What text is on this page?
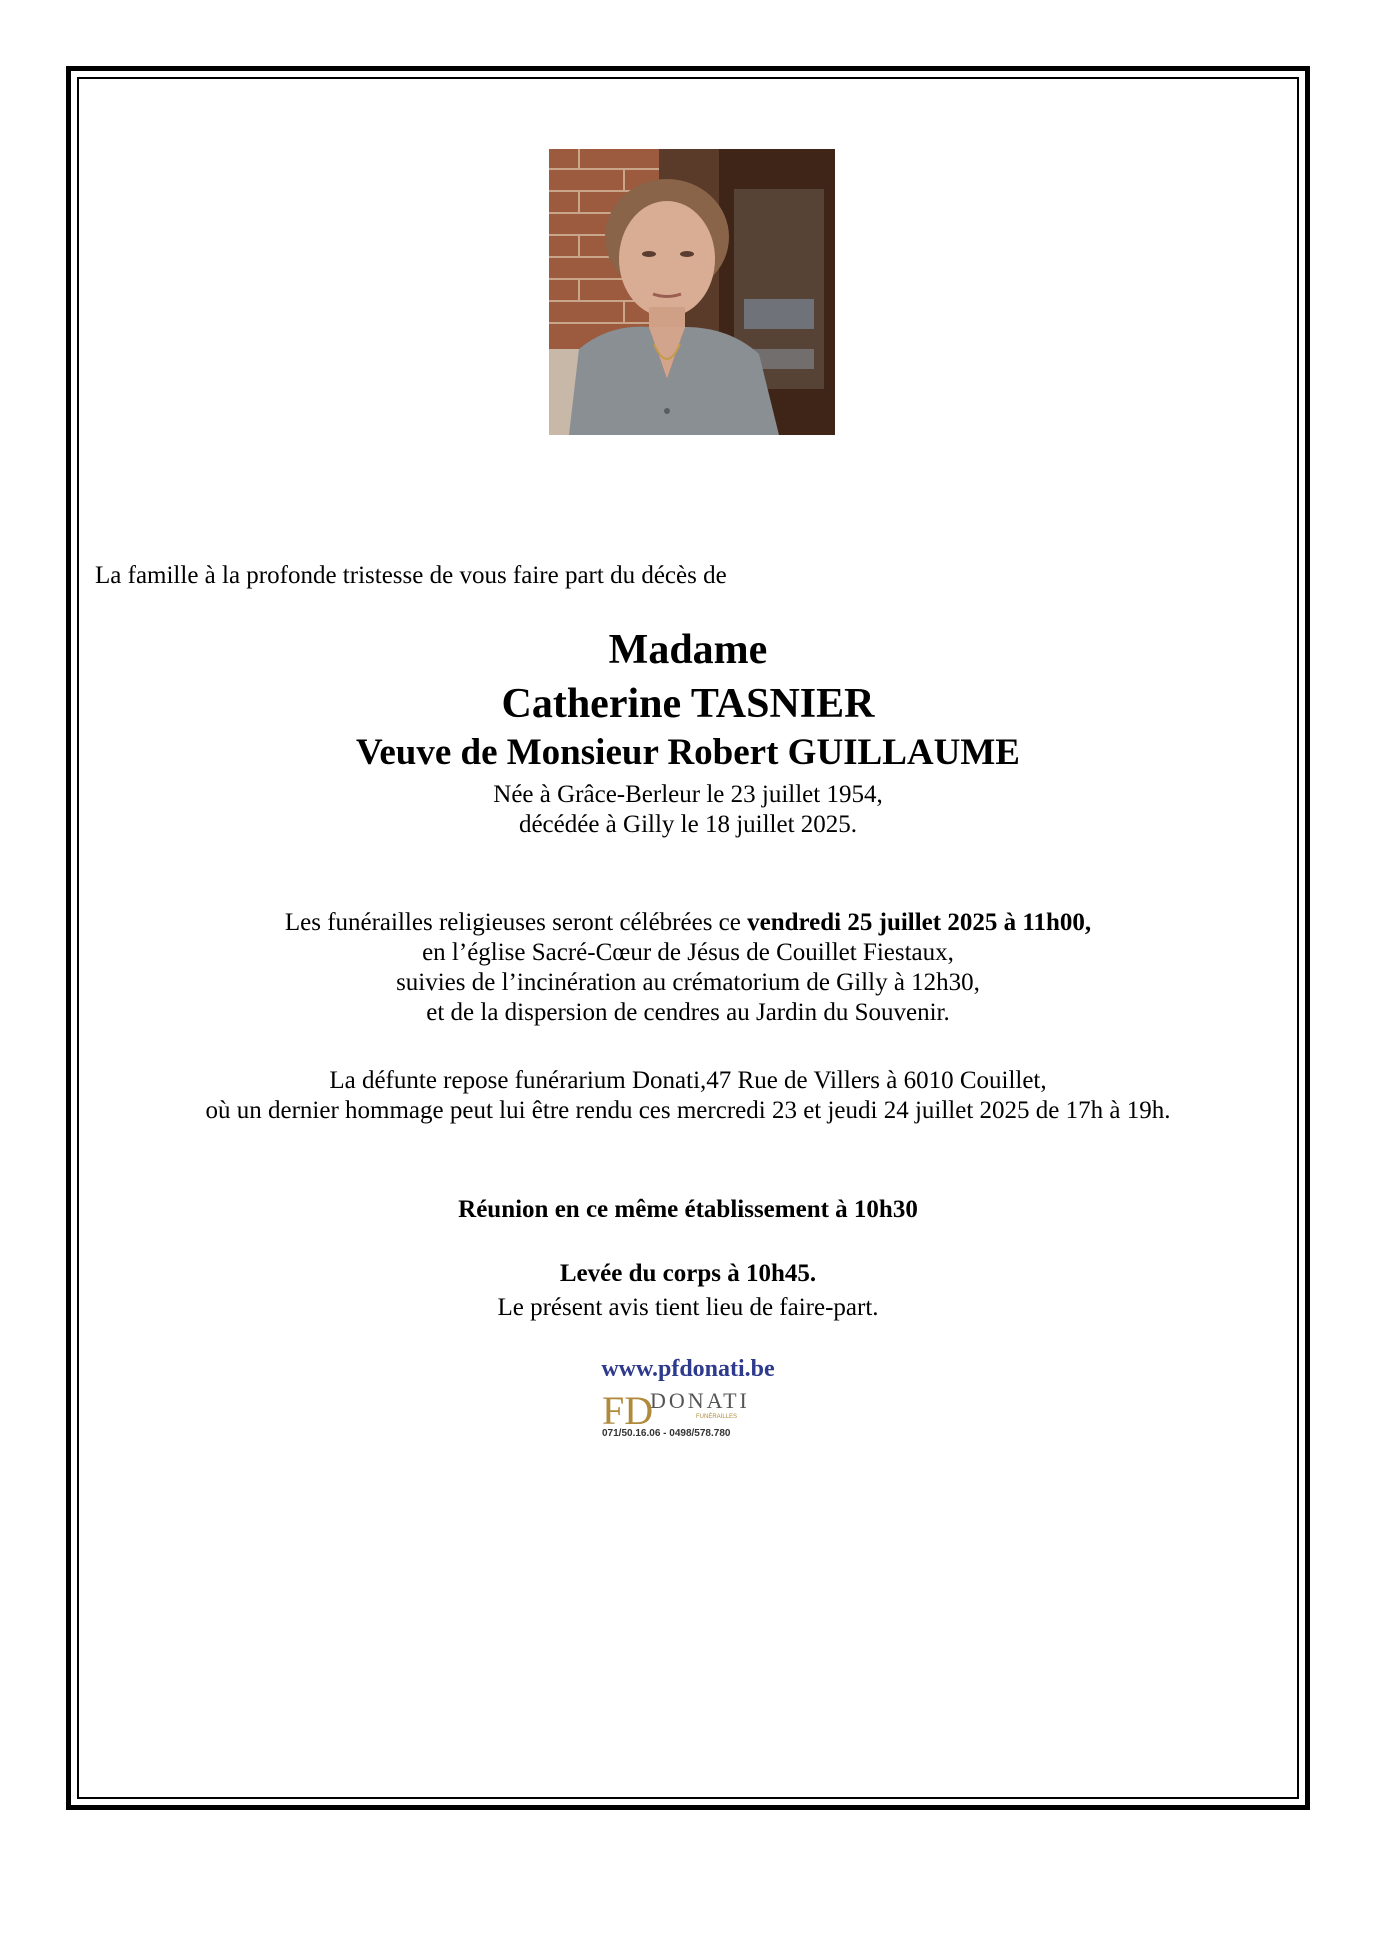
La famille à la profonde tristesse de vous faire part du décès de

Madame

Catherine TASNIER

Veuve de Monsieur Robert GUILLAUME

Née à Grâce-Berleur le 23 juillet 1954,
décédée à Gilly le 18 juillet 2025.
Les funérailles religieuses seront célébrées ce vendredi 25 juillet 2025 à 11h00,
en l’église Sacré-Cœur de Jésus de Couillet Fiestaux,
suivies de l’incinération au crématorium de Gilly à 12h30,
et de la dispersion de cendres au Jardin du Souvenir.
La défunte repose funérarium Donati,47 Rue de Villers à 6010 Couillet,
où un dernier hommage peut lui être rendu ces mercredi 23 et jeudi 24 juillet 2025 de 17h à 19h.

Réunion en ce même établissement à 10h30

Levée du corps à 10h45.

Le présent avis tient lieu de faire-part.

www.pfdonati.be

FD
DONATI
FUNÉRAILLES
071/50.16.06 - 0498/578.780
